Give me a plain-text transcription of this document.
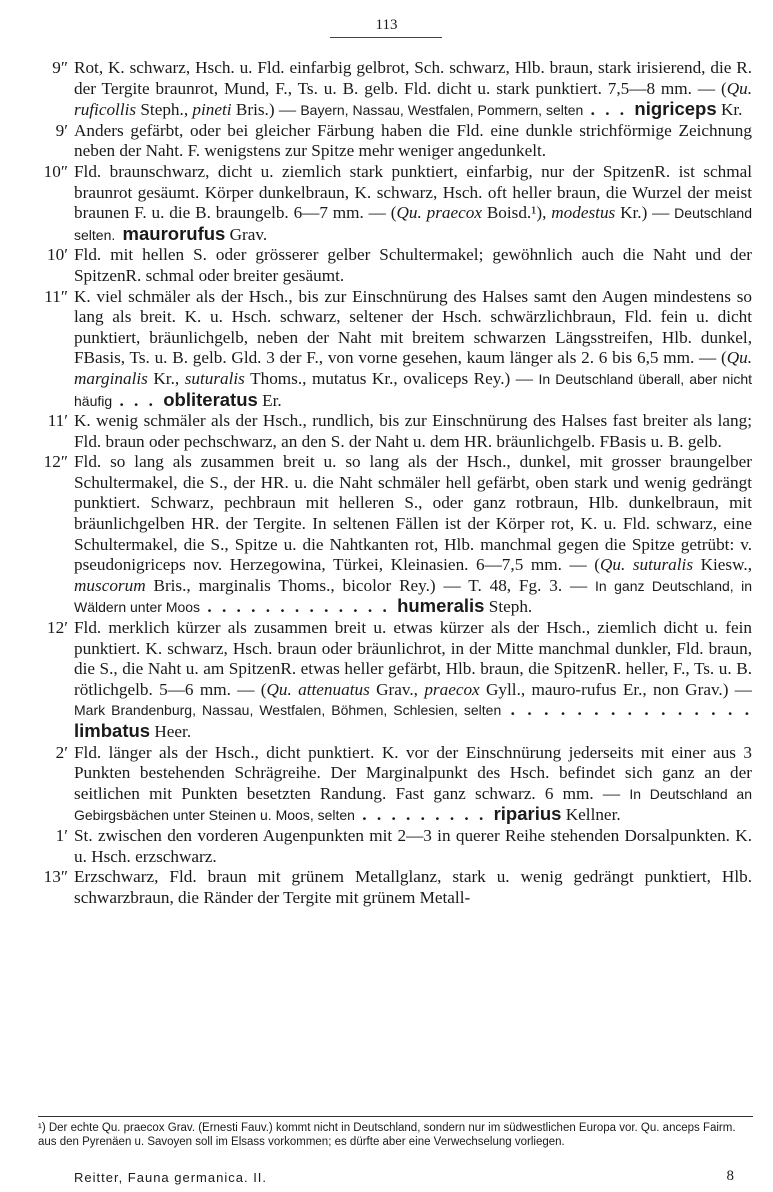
113

9″ Rot, K. schwarz, Hsch. u. Fld. einfarbig gelbrot, Sch. schwarz, Hlb. braun, stark irisierend, die R. der Tergite braunrot, Mund, F., Ts. u. B. gelb. Fld. dicht u. stark punktiert. 7,5—8 mm. — (Qu. ruficollis Steph., pineti Bris.) — Bayern, Nassau, Westfalen, Pommern, selten . . . nigriceps Kr.

9′ Anders gefärbt, oder bei gleicher Färbung haben die Fld. eine dunkle strichförmige Zeichnung neben der Naht. F. wenigstens zur Spitze mehr weniger angedunkelt.

10″ Fld. braunschwarz, dicht u. ziemlich stark punktiert, einfarbig, nur der SpitzenR. ist schmal braunrot gesäumt. Körper dunkelbraun, K. schwarz, Hsch. oft heller braun, die Wurzel der meist braunen F. u. die B. braungelb. 6—7 mm. — (Qu. praecox Boisd.¹), modestus Kr.) — Deutschland selten. maurorufus Grav.

10′ Fld. mit hellen S. oder grösserer gelber Schultermakel; gewöhnlich auch die Naht und der SpitzenR. schmal oder breiter gesäumt.

11″ K. viel schmäler als der Hsch., bis zur Einschnürung des Halses samt den Augen mindestens so lang als breit. K. u. Hsch. schwarz, seltener der Hsch. schwärzlichbraun, Fld. fein u. dicht punktiert, bräunlichgelb, neben der Naht mit breitem schwarzen Längsstreifen, Hlb. dunkel, FBasis, Ts. u. B. gelb. Gld. 3 der F., von vorne gesehen, kaum länger als 2. 6 bis 6,5 mm. — (Qu. marginalis Kr., suturalis Thoms., mutatus Kr., ovaliceps Rey.) — In Deutschland überall, aber nicht häufig . . . obliteratus Er.

11′ K. wenig schmäler als der Hsch., rundlich, bis zur Einschnürung des Halses fast breiter als lang; Fld. braun oder pechschwarz, an den S. der Naht u. dem HR. bräunlichgelb. FBasis u. B. gelb.

12″ Fld. so lang als zusammen breit u. so lang als der Hsch., dunkel, mit grosser braungelber Schultermakel, die S., der HR. u. die Naht schmäler hell gefärbt, oben stark und wenig gedrängt punktiert. Schwarz, pechbraun mit helleren S., oder ganz rotbraun, Hlb. dunkelbraun, mit bräunlichgelben HR. der Tergite. In seltenen Fällen ist der Körper rot, K. u. Fld. schwarz, eine Schultermakel, die S., Spitze u. die Nahtkanten rot, Hlb. manchmal gegen die Spitze getrübt: v. pseudonigriceps nov. Herzegowina, Türkei, Kleinasien. 6—7,5 mm. — (Qu. suturalis Kiesw., muscorum Bris., marginalis Thoms., bicolor Rey.) — T. 48, Fg. 3. — In ganz Deutschland, in Wäldern unter Moos . . . . . . . . . . . . . humeralis Steph.

12′ Fld. merklich kürzer als zusammen breit u. etwas kürzer als der Hsch., ziemlich dicht u. fein punktiert. K. schwarz, Hsch. braun oder bräunlichrot, in der Mitte manchmal dunkler, Fld. braun, die S., die Naht u. am SpitzenR. etwas heller gefärbt, Hlb. braun, die SpitzenR. heller, F., Ts. u. B. rötlichgelb. 5—6 mm. — (Qu. attenuatus Grav., praecox Gyll., mauro-rufus Er., non Grav.) — Mark Brandenburg, Nassau, Westfalen, Böhmen, Schlesien, selten . . . . . . . . . . . . . . . limbatus Heer.

2′ Fld. länger als der Hsch., dicht punktiert. K. vor der Einschnürung jederseits mit einer aus 3 Punkten bestehenden Schrägreihe. Der Marginalpunkt des Hsch. befindet sich ganz an der seitlichen mit Punkten besetzten Randung. Fast ganz schwarz. 6 mm. — In Deutschland an Gebirgsbächen unter Steinen u. Moos, selten . . . . . . . . . riparius Kellner.

1′ St. zwischen den vorderen Augenpunkten mit 2—3 in querer Reihe stehenden Dorsalpunkten. K. u. Hsch. erzschwarz.

13″ Erzschwarz, Fld. braun mit grünem Metallglanz, stark u. wenig gedrängt punktiert, Hlb. schwarzbraun, die Ränder der Tergite mit grünem Metall-

¹) Der echte Qu. praecox Grav. (Ernesti Fauv.) kommt nicht in Deutschland, sondern nur im südwestlichen Europa vor. Qu. anceps Fairm. aus den Pyrenäen u. Savoyen soll im Elsass vorkommen; es dürfte aber eine Verwechselung vorliegen.
Reitter, Fauna germanica. II.	8
